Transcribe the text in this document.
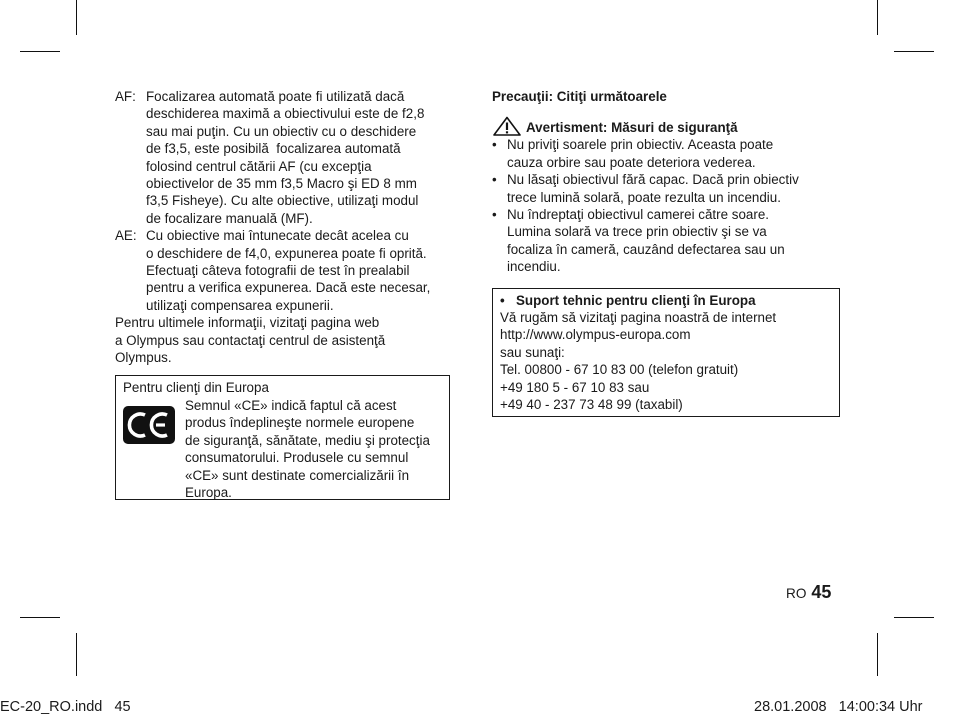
AF: Focalizarea automată poate fi utilizată dacă
deschiderea maximă a obiectivului este de f2,8
sau mai puţin. Cu un obiectiv cu o deschidere
de f3,5, este posibilă  focalizarea automată
folosind centrul cătării AF (cu excepţia
obiectivelor de 35 mm f3,5 Macro şi ED 8 mm
f3,5 Fisheye). Cu alte obiective, utilizaţi modul
de focalizare manuală (MF).
AE: Cu obiective mai întunecate decât acelea cu
o deschidere de f4,0, expunerea poate fi oprită.
Efectuaţi câteva fotografii de test în prealabil
pentru a verifica expunerea. Dacă este necesar,
utilizaţi compensarea expunerii.
Pentru ultimele informaţii, vizitaţi pagina web
a Olympus sau contactaţi centrul de asistenţă
Olympus.
Pentru clienţi din Europa
Semnul «CE» indică faptul că acest
produs îndeplineşte normele europene
de siguranţă, sănătate, mediu şi protecţia
consumatorului. Produsele cu semnul
«CE» sunt destinate comercializării în
Europa.
Precauţii: Citiţi următoarele
Avertisment: Măsuri de siguranţă
• Nu priviţi soarele prin obiectiv. Aceasta poate
cauza orbire sau poate deteriora vederea.
• Nu lăsaţi obiectivul fără capac. Dacă prin obiectiv
trece lumină solară, poate rezulta un incendiu.
• Nu îndreptaţi obiectivul camerei către soare.
Lumina solară va trece prin obiectiv şi se va
focaliza în cameră, cauzând defectarea sau un
incendiu.
• Suport tehnic pentru clienţi în Europa
Vă rugăm să vizitaţi pagina noastră de internet
http://www.olympus-europa.com
sau sunaţi:
Tel. 00800 - 67 10 83 00 (telefon gratuit)
+49 180 5 - 67 10 83 sau
+49 40 - 237 73 48 99 (taxabil)
RO 45
EC-20_RO.indd   45	28.01.2008   14:00:34 Uhr
